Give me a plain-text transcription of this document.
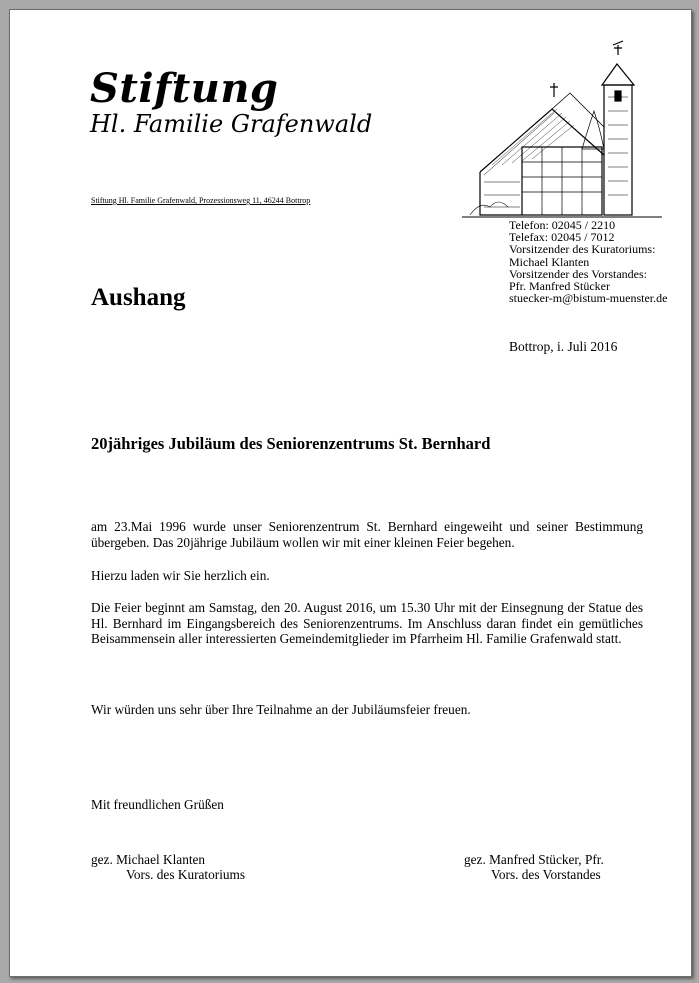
Stiftung
Hl. Familie Grafenwald
Stiftung Hl. Familie Grafenwald, Prozessionsweg 11, 46244 Bottrop
Telefon: 02045 / 2210
Telefax: 02045 / 7012
Vorsitzender des Kuratoriums:
Michael Klanten
Vorsitzender des Vorstandes:
Pfr. Manfred Stücker
stuecker-m@bistum-muenster.de
Aushang
Bottrop, i. Juli 2016
20jähriges Jubiläum des Seniorenzentrums St. Bernhard
am 23.Mai 1996 wurde unser Seniorenzentrum St. Bernhard eingeweiht und seiner Bestimmung übergeben. Das 20jährige Jubiläum wollen wir mit einer kleinen Feier begehen.
Hierzu laden wir Sie herzlich ein.
Die Feier beginnt am Samstag, den 20. August 2016, um 15.30 Uhr mit der Einsegnung der Statue des Hl. Bernhard im Eingangsbereich des Seniorenzentrums. Im Anschluss daran findet ein gemütliches Beisammensein aller interessierten Gemeindemitglieder im Pfarrheim Hl. Familie Grafenwald statt.
Wir würden uns sehr über Ihre Teilnahme an der Jubiläumsfeier freuen.
Mit freundlichen Grüßen
gez. Michael Klanten
Vors. des Kuratoriums
gez. Manfred Stücker, Pfr.
Vors. des Vorstandes
